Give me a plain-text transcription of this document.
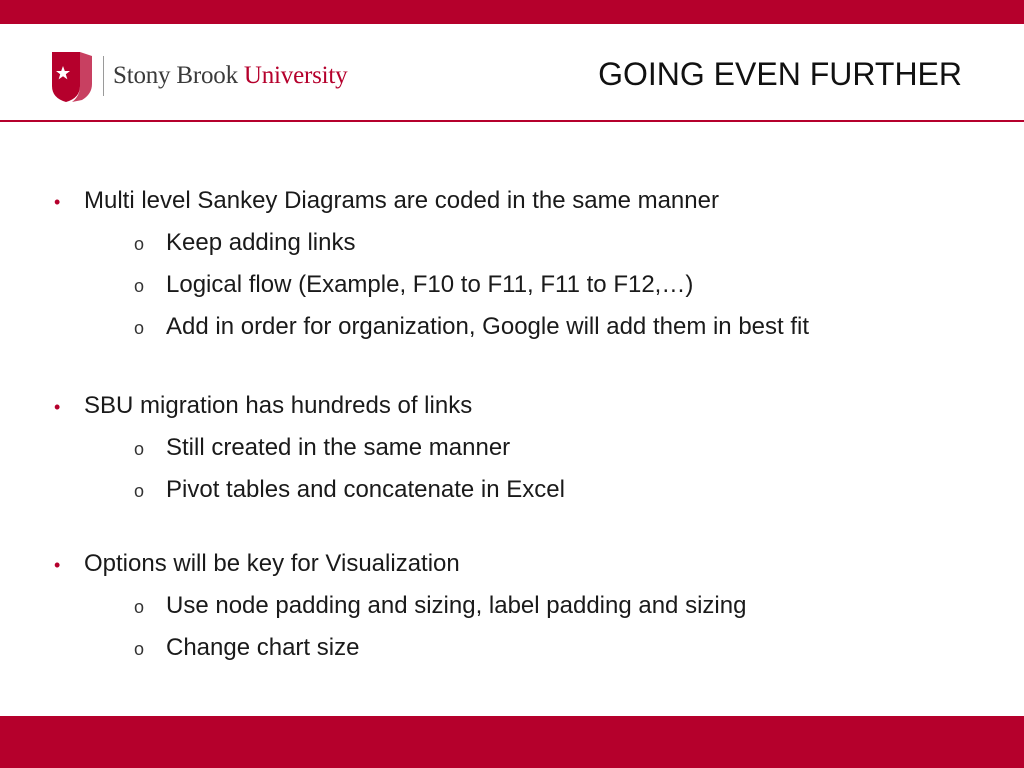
Stony Brook University	GOING EVEN FURTHER
• Multi level Sankey Diagrams are coded in the same manner
o Keep adding links
o Logical flow (Example, F10 to F11, F11 to F12,…)
o Add in order for organization, Google will add them in best fit
• SBU migration has hundreds of links
o Still created in the same manner
o Pivot tables and concatenate in Excel
• Options will be key for Visualization
o Use node padding and sizing, label padding and sizing
o Change chart size
